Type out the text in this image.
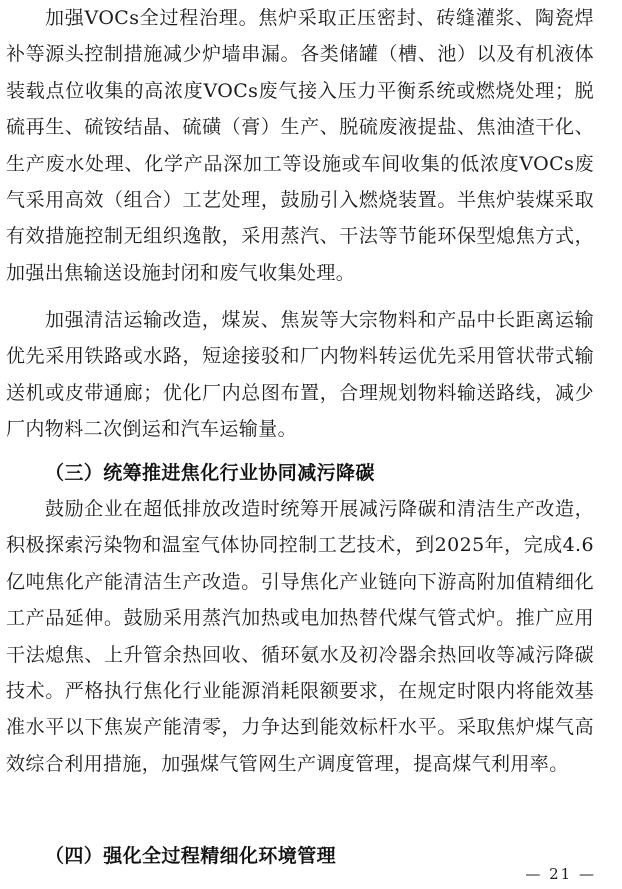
加强VOCs全过程治理。焦炉采取正压密封、砖缝灌浆、陶瓷焊补等源头控制措施减少炉墙串漏。各类储罐（槽、池）以及有机液体装载点位收集的高浓度VOCs废气接入压力平衡系统或燃烧处理；脱硫再生、硫铵结晶、硫磺（膏）生产、脱硫废液提盐、焦油渣干化、生产废水处理、化学产品深加工等设施或车间收集的低浓度VOCs废气采用高效（组合）工艺处理，鼓励引入燃烧装置。半焦炉装煤采取有效措施控制无组织逸散，采用蒸汽、干法等节能环保型熄焦方式，加强出焦输送设施封闭和废气收集处理。

加强清洁运输改造，煤炭、焦炭等大宗物料和产品中长距离运输优先采用铁路或水路，短途接驳和厂内物料转运优先采用管状带式输送机或皮带通廊；优化厂内总图布置，合理规划物料输送路线，减少厂内物料二次倒运和汽车运输量。

（三）统筹推进焦化行业协同减污降碳

鼓励企业在超低排放改造时统筹开展减污降碳和清洁生产改造，积极探索污染物和温室气体协同控制工艺技术，到2025年，完成4.6亿吨焦化产能清洁生产改造。引导焦化产业链向下游高附加值精细化工产品延伸。鼓励采用蒸汽加热或电加热替代煤气管式炉。推广应用干法熄焦、上升管余热回收、循环氨水及初冷器余热回收等减污降碳技术。严格执行焦化行业能源消耗限额要求，在规定时限内将能效基准水平以下焦炭产能清零，力争达到能效标杆水平。采取焦炉煤气高效综合利用措施，加强煤气管网生产调度管理，提高煤气利用率。

（四）强化全过程精细化环境管理
— 21 —
